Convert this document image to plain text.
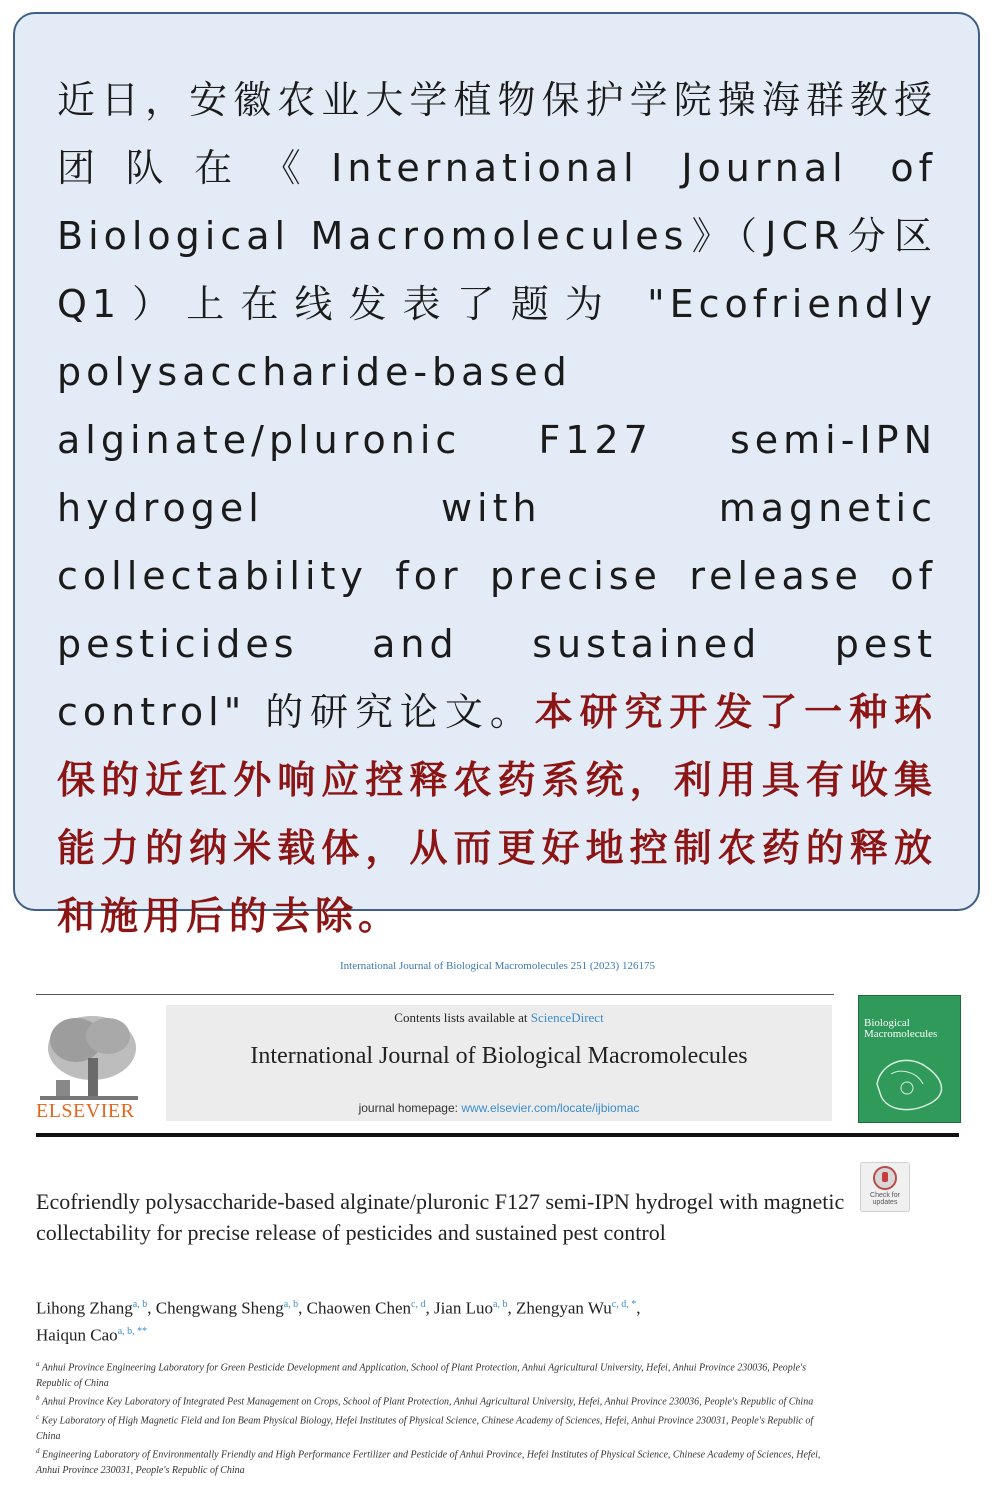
近日，安徽农业大学植物保护学院操海群教授团队在《International Journal of Biological Macromolecules》（JCR分区Q1）上在线发表了题为 "Ecofriendly polysaccharide-based alginate/pluronic F127 semi-IPN hydrogel with magnetic collectability for precise release of pesticides and sustained pest control" 的研究论文。本研究开发了一种环保的近红外响应控释农药系统，利用具有收集能力的纳米载体，从而更好地控制农药的释放和施用后的去除。
International Journal of Biological Macromolecules 251 (2023) 126175
ELSEVIER
Contents lists available at ScienceDirect
International Journal of Biological Macromolecules
journal homepage: www.elsevier.com/locate/ijbiomac
Biological
Macromolecules
Check for
updates
Ecofriendly polysaccharide-based alginate/pluronic F127 semi-IPN hydrogel with magnetic collectability for precise release of pesticides and sustained pest control
Lihong Zhang$^{a, b}$, Chengwang Sheng$^{a, b}$, Chaowen Chen$^{c, d}$, Jian Luo$^{a, b}$, Zhengyan $Wu^{c, d, *}$,
Haiqun Cao$^{a, b, **}$
$^a$ Anhui Province Engineering Laboratory for Green Pesticide Development and Application, School of Plant Protection, Anhui Agricultural University, Hefei, Anhui Province 230036, People's Republic of China
$^b$ Anhui Province Key Laboratory of Integrated Pest Management on Crops, School of Plant Protection, Anhui Agricultural University, Hefei, Anhui Province 230036, People's Republic of China
$^c$ Key Laboratory of High Magnetic Field and Ion Beam Physical Biology, Hefei Institutes of Physical Science, Chinese Academy of Sciences, Hefei, Anhui Province 230031, People's Republic of China
$^d$ Engineering Laboratory of Environmentally Friendly and High Performance Fertilizer and Pesticide of Anhui Province, Hefei Institutes of Physical Science, Chinese Academy of Sciences, Hefei, Anhui Province 230031, People's Republic of China
